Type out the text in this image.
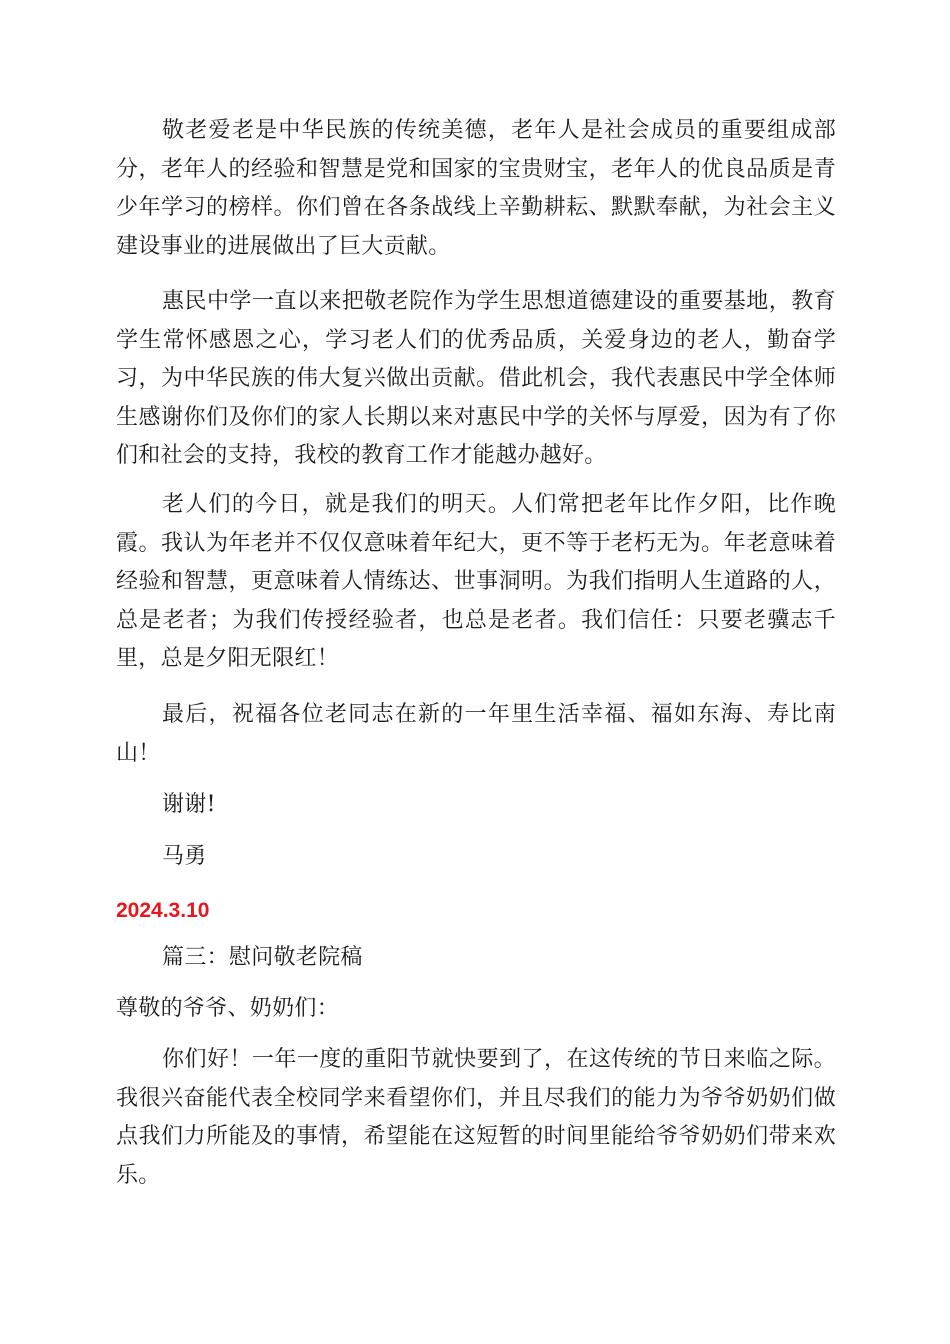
敬老爱老是中华民族的传统美德，老年人是社会成员的重要组成部分，老年人的经验和智慧是党和国家的宝贵财宝，老年人的优良品质是青少年学习的榜样。你们曾在各条战线上辛勤耕耘、默默奉献，为社会主义建设事业的进展做出了巨大贡献。

惠民中学一直以来把敬老院作为学生思想道德建设的重要基地，教育学生常怀感恩之心，学习老人们的优秀品质，关爱身边的老人，勤奋学习，为中华民族的伟大复兴做出贡献。借此机会，我代表惠民中学全体师生感谢你们及你们的家人长期以来对惠民中学的关怀与厚爱，因为有了你们和社会的支持，我校的教育工作才能越办越好。

老人们的今日，就是我们的明天。人们常把老年比作夕阳，比作晚霞。我认为年老并不仅仅意味着年纪大，更不等于老朽无为。年老意味着经验和智慧，更意味着人情练达、世事洞明。为我们指明人生道路的人，总是老者；为我们传授经验者，也总是老者。我们信任：只要老骥志千里，总是夕阳无限红！

最后，祝福各位老同志在新的一年里生活幸福、福如东海、寿比南山！

谢谢!

马勇

2024.3.10

篇三：慰问敬老院稿

尊敬的爷爷、奶奶们：

你们好！一年一度的重阳节就快要到了，在这传统的节日来临之际。我很兴奋能代表全校同学来看望你们，并且尽我们的能力为爷爷奶奶们做点我们力所能及的事情，希望能在这短暂的时间里能给爷爷奶奶们带来欢乐。
